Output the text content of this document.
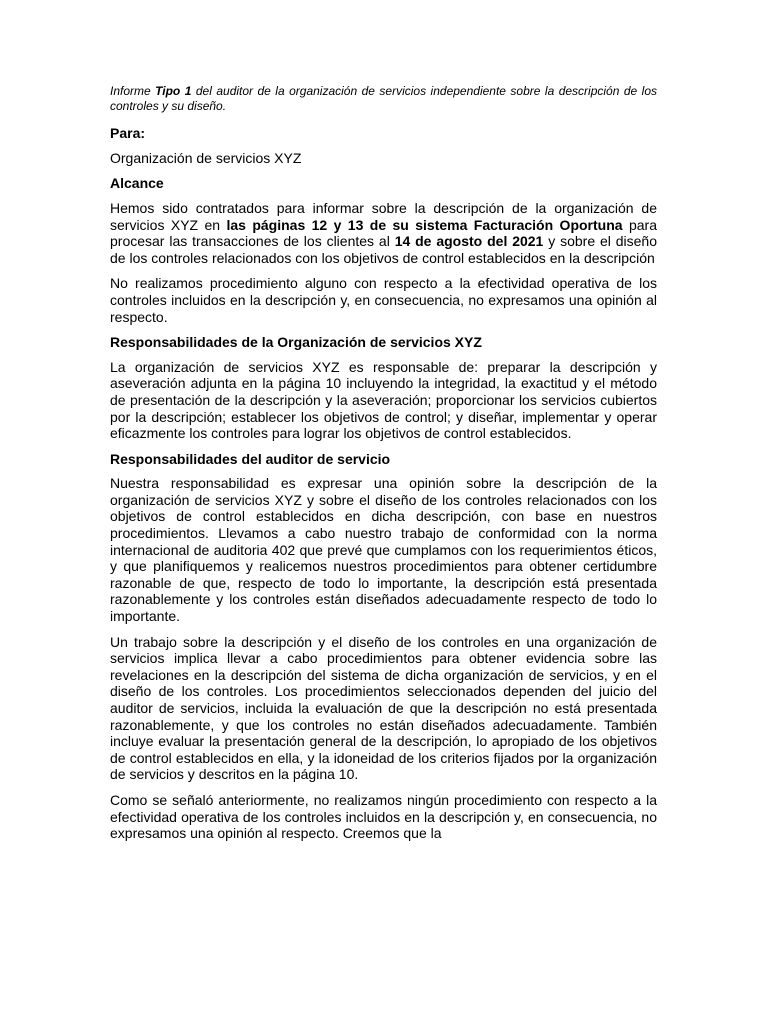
Informe Tipo 1 del auditor de la organización de servicios independiente sobre la descripción de los controles y su diseño.

Para:

Organización de servicios XYZ

Alcance

Hemos sido contratados para informar sobre la descripción de la organización de servicios XYZ en las páginas 12 y 13 de su sistema Facturación Oportuna para procesar las transacciones de los clientes al 14 de agosto del 2021 y sobre el diseño de los controles relacionados con los objetivos de control establecidos en la descripción

No realizamos procedimiento alguno con respecto a la efectividad operativa de los controles incluidos en la descripción y, en consecuencia, no expresamos una opinión al respecto.

Responsabilidades de la Organización de servicios XYZ

La organización de servicios XYZ es responsable de: preparar la descripción y aseveración adjunta en la página 10 incluyendo la integridad, la exactitud y el método de presentación de la descripción y la aseveración; proporcionar los servicios cubiertos por la descripción; establecer los objetivos de control; y diseñar, implementar y operar eficazmente los controles para lograr los objetivos de control establecidos.

Responsabilidades del auditor de servicio

Nuestra responsabilidad es expresar una opinión sobre la descripción de la organización de servicios XYZ y sobre el diseño de los controles relacionados con los objetivos de control establecidos en dicha descripción, con base en nuestros procedimientos. Llevamos a cabo nuestro trabajo de conformidad con la norma internacional de auditoria 402 que prevé que cumplamos con los requerimientos éticos, y que planifiquemos y realicemos nuestros procedimientos para obtener certidumbre razonable de que, respecto de todo lo importante, la descripción está presentada razonablemente y los controles están diseñados adecuadamente respecto de todo lo importante.

Un trabajo sobre la descripción y el diseño de los controles en una organización de servicios implica llevar a cabo procedimientos para obtener evidencia sobre las revelaciones en la descripción del sistema de dicha organización de servicios, y en el diseño de los controles. Los procedimientos seleccionados dependen del juicio del auditor de servicios, incluida la evaluación de que la descripción no está presentada razonablemente, y que los controles no están diseñados adecuadamente. También incluye evaluar la presentación general de la descripción, lo apropiado de los objetivos de control establecidos en ella, y la idoneidad de los criterios fijados por la organización de servicios y descritos en la página 10.

Como se señaló anteriormente, no realizamos ningún procedimiento con respecto a la efectividad operativa de los controles incluidos en la descripción y, en consecuencia, no expresamos una opinión al respecto. Creemos que la
